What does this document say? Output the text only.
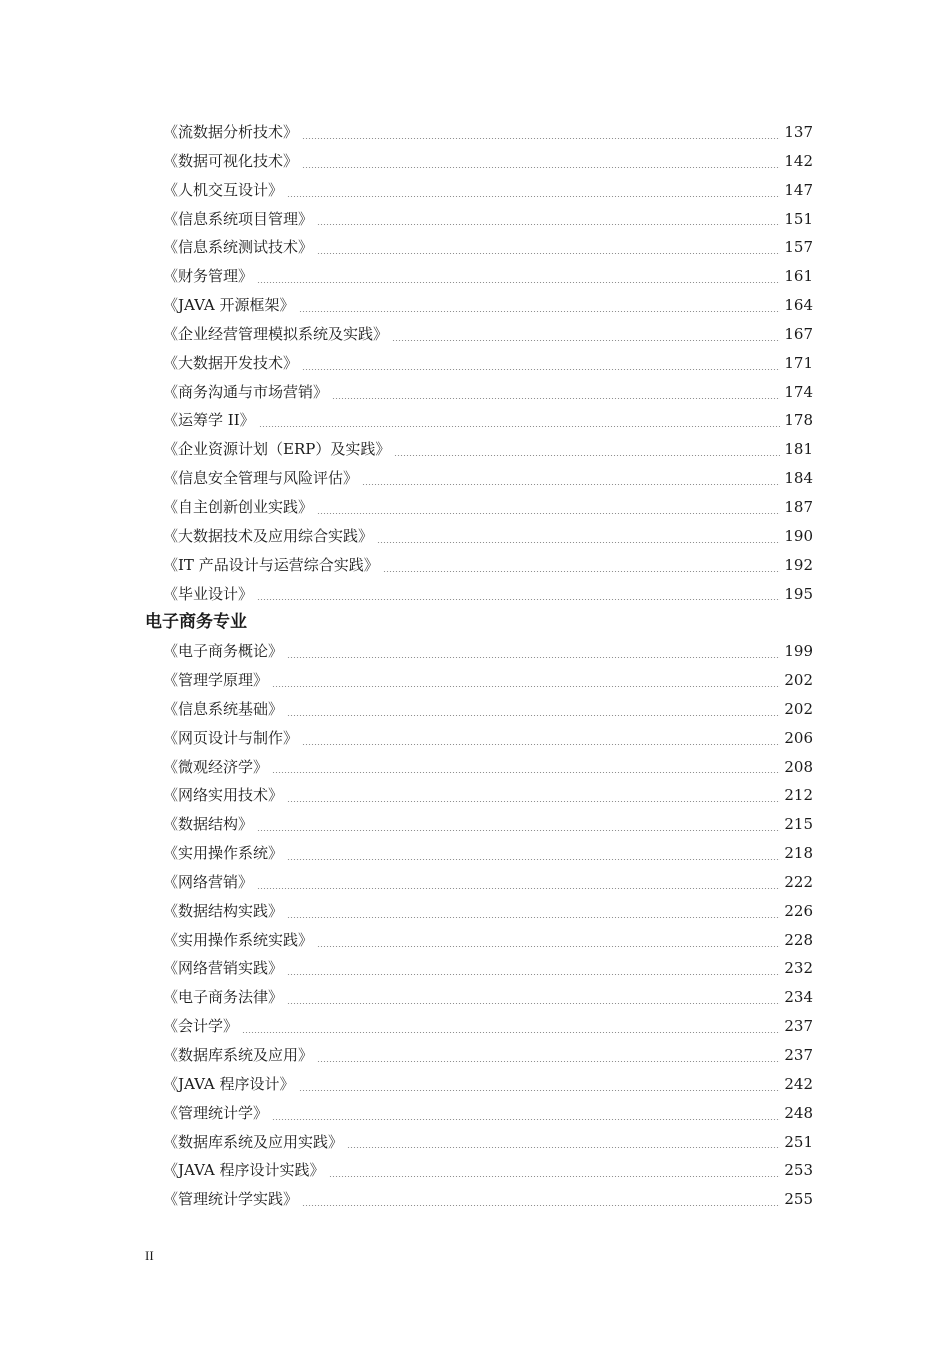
《流数据分析技术》	137
《数据可视化技术》	142
《人机交互设计》	147
《信息系统项目管理》	151
《信息系统测试技术》	157
《财务管理》	161
《JAVA 开源框架》	164
《企业经营管理模拟系统及实践》	167
《大数据开发技术》	171
《商务沟通与市场营销》	174
《运筹学 II》	178
《企业资源计划（ERP）及实践》	181
《信息安全管理与风险评估》	184
《自主创新创业实践》	187
《大数据技术及应用综合实践》	190
《IT 产品设计与运营综合实践》	192
《毕业设计》	195
电子商务专业
《电子商务概论》	199
《管理学原理》	202
《信息系统基础》	202
《网页设计与制作》	206
《微观经济学》	208
《网络实用技术》	212
《数据结构》	215
《实用操作系统》	218
《网络营销》	222
《数据结构实践》	226
《实用操作系统实践》	228
《网络营销实践》	232
《电子商务法律》	234
《会计学》	237
《数据库系统及应用》	237
《JAVA 程序设计》	242
《管理统计学》	248
《数据库系统及应用实践》	251
《JAVA 程序设计实践》	253
《管理统计学实践》	255
II
